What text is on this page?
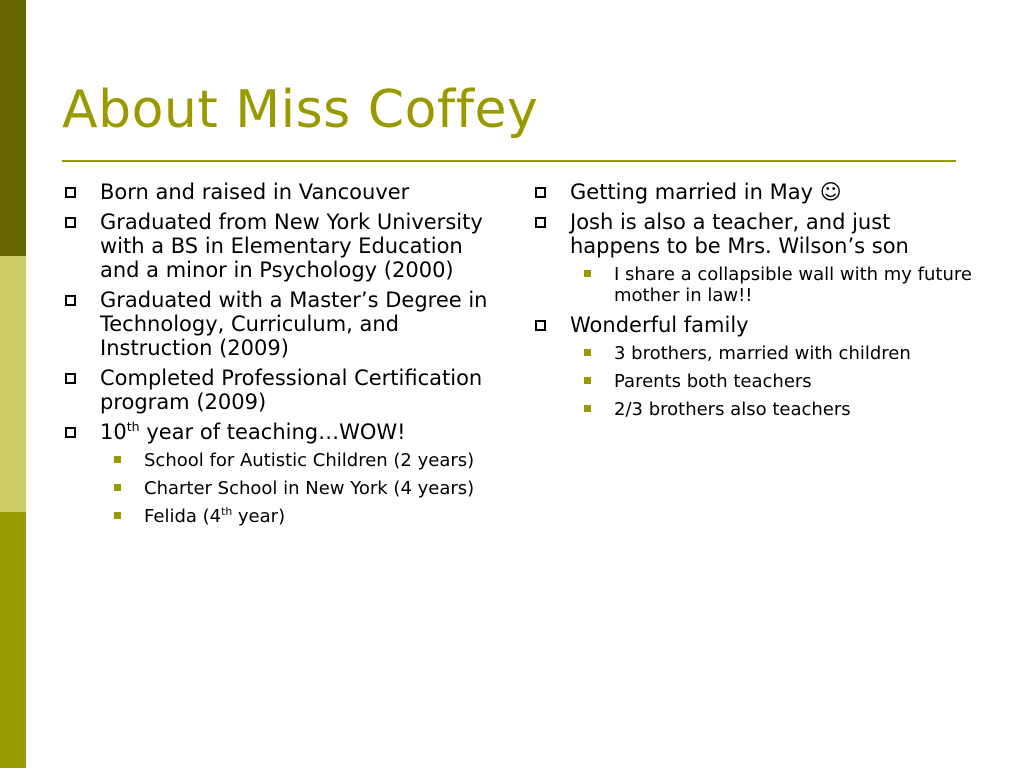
About Miss Coffey
Born and raised in Vancouver
Graduated from New York University with a BS in Elementary Education and a minor in Psychology (2000)
Graduated with a Master’s Degree in Technology, Curriculum, and Instruction (2009)
Completed Professional Certification program (2009)
10th year of teaching…WOW!
School for Autistic Children (2 years)
Charter School in New York (4 years)
Felida (4th year)
Getting married in May ☺
Josh is also a teacher, and just happens to be Mrs. Wilson’s son
I share a collapsible wall with my future mother in law!!
Wonderful family
3 brothers, married with children
Parents both teachers
2/3 brothers also teachers
